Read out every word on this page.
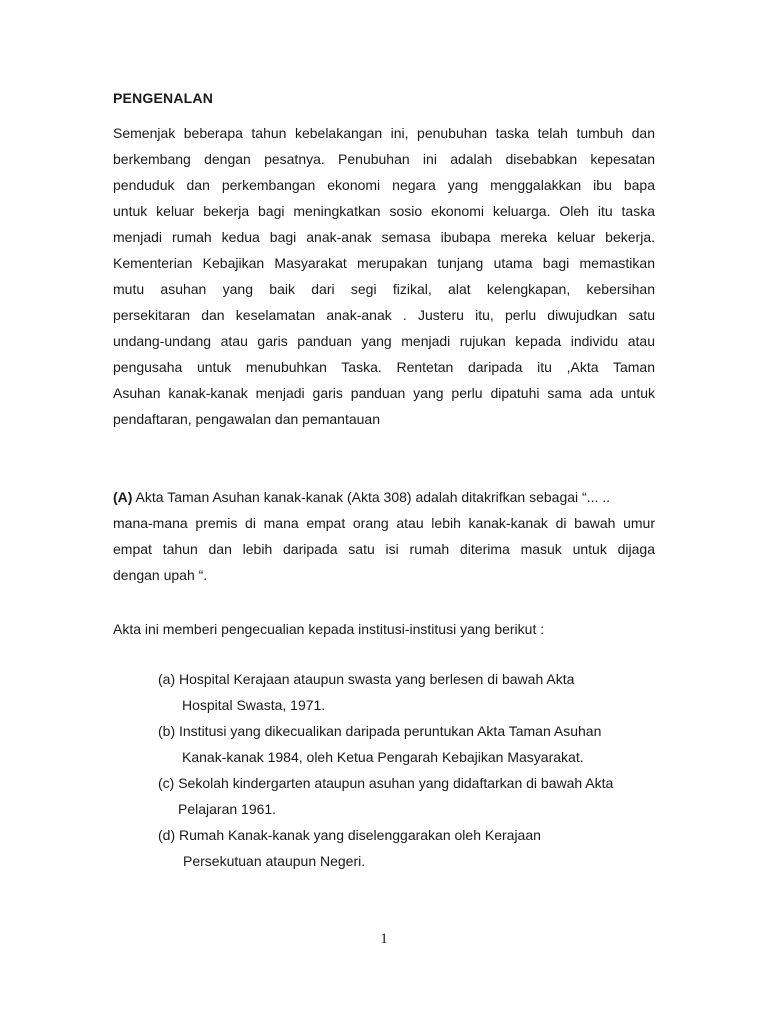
PENGENALAN
Semenjak beberapa tahun kebelakangan ini, penubuhan taska telah tumbuh dan
berkembang dengan pesatnya. Penubuhan ini adalah disebabkan kepesatan
penduduk dan perkembangan ekonomi negara yang menggalakkan ibu bapa
untuk keluar bekerja bagi meningkatkan sosio ekonomi keluarga. Oleh itu taska
menjadi rumah kedua bagi anak-anak semasa ibubapa mereka keluar bekerja.
Kementerian Kebajikan Masyarakat merupakan tunjang utama bagi memastikan
mutu asuhan yang baik dari segi fizikal, alat kelengkapan, kebersihan
persekitaran dan keselamatan anak-anak . Justeru itu, perlu diwujudkan satu
undang-undang atau garis panduan yang menjadi rujukan kepada individu atau
pengusaha untuk menubuhkan Taska. Rentetan daripada itu ,Akta Taman
Asuhan kanak-kanak menjadi garis panduan yang perlu dipatuhi sama ada untuk
pendaftaran, pengawalan dan pemantauan
(A) Akta Taman Asuhan kanak-kanak (Akta 308) adalah ditakrifkan sebagai “... ..
mana-mana premis di mana empat orang atau lebih kanak-kanak di bawah umur
empat tahun dan lebih daripada satu isi rumah diterima masuk untuk dijaga
dengan upah “.
Akta ini memberi pengecualian kepada institusi-institusi yang berikut :
(a) Hospital Kerajaan ataupun swasta yang berlesen di bawah Akta
Hospital Swasta, 1971.
(b) Institusi yang dikecualikan daripada peruntukan Akta Taman Asuhan
Kanak-kanak 1984, oleh Ketua Pengarah Kebajikan Masyarakat.
(c) Sekolah kindergarten ataupun asuhan yang didaftarkan di bawah Akta
Pelajaran 1961.
(d) Rumah Kanak-kanak yang diselenggarakan oleh Kerajaan
Persekutuan ataupun Negeri.
1
